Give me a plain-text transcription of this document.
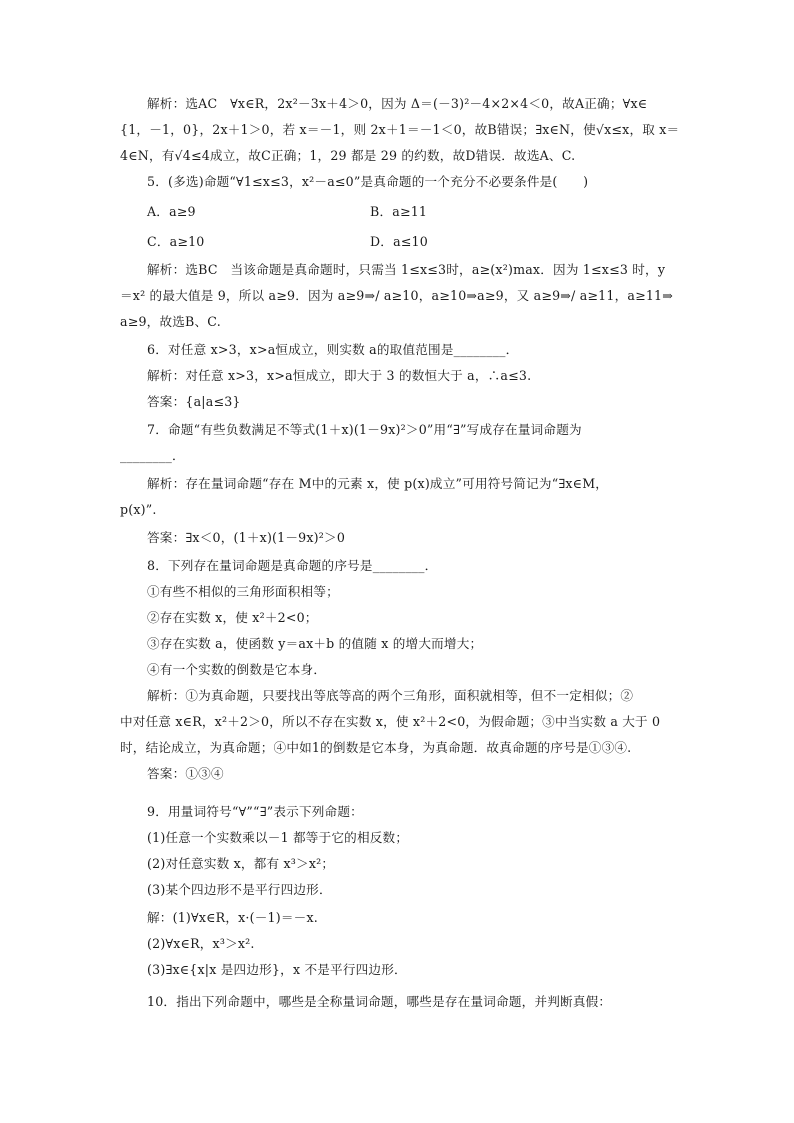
解析：选AC　∀x∈R，2x²－3x＋4＞0，因为 Δ＝(－3)²－4×2×4＜0，故A正确；∀x∈
{1，－1，0}，2x＋1＞0，若 x＝－1，则 2x＋1＝－1＜0，故B错误；∃x∈N，使√x≤x，取 x＝
4∈N，有√4≤4成立，故C正确；1，29 都是 29 的约数，故D错误．故选A、C.
5．(多选)命题“∀1≤x≤3，x²－a≤0”是真命题的一个充分不必要条件是(　　)
A．a≥9	B．a≥11
C．a≥10	D．a≤10
解析：选BC　当该命题是真命题时，只需当 1≤x≤3时，a≥(x²)max．因为 1≤x≤3 时，y
＝x² 的最大值是 9，所以 a≥9．因为 a≥9⇒/ a≥10，a≥10⇒a≥9，又 a≥9⇒/ a≥11，a≥11⇒
a≥9，故选B、C.
6．对任意 x>3，x>a恒成立，则实数 a的取值范围是________．
解析：对任意 x>3，x>a恒成立，即大于 3 的数恒大于 a，∴a≤3.
答案：{a|a≤3}
7．命题“有些负数满足不等式(1＋x)(1－9x)²＞0”用“∃”写成存在量词命题为
________．
解析：存在量词命题“存在 M中的元素 x，使 p(x)成立”可用符号简记为“∃x∈M，
p(x)”.
答案：∃x＜0，(1＋x)(1－9x)²＞0
8．下列存在量词命题是真命题的序号是________．
①有些不相似的三角形面积相等；
②存在实数 x，使 x²＋2<0；
③存在实数 a，使函数 y＝ax＋b 的值随 x 的增大而增大；
④有一个实数的倒数是它本身．
解析：①为真命题，只要找出等底等高的两个三角形，面积就相等，但不一定相似；②
中对任意 x∈R，x²＋2＞0，所以不存在实数 x，使 x²＋2<0，为假命题；③中当实数 a 大于 0
时，结论成立，为真命题；④中如1的倒数是它本身，为真命题．故真命题的序号是①③④.
答案：①③④
9．用量词符号“∀”“∃”表示下列命题：
(1)任意一个实数乘以－1 都等于它的相反数；
(2)对任意实数 x，都有 x³＞x²；
(3)某个四边形不是平行四边形．
解：(1)∀x∈R，x·(－1)＝－x.
(2)∀x∈R，x³＞x².
(3)∃x∈{x|x 是四边形}，x 不是平行四边形．
10．指出下列命题中，哪些是全称量词命题，哪些是存在量词命题，并判断真假：
